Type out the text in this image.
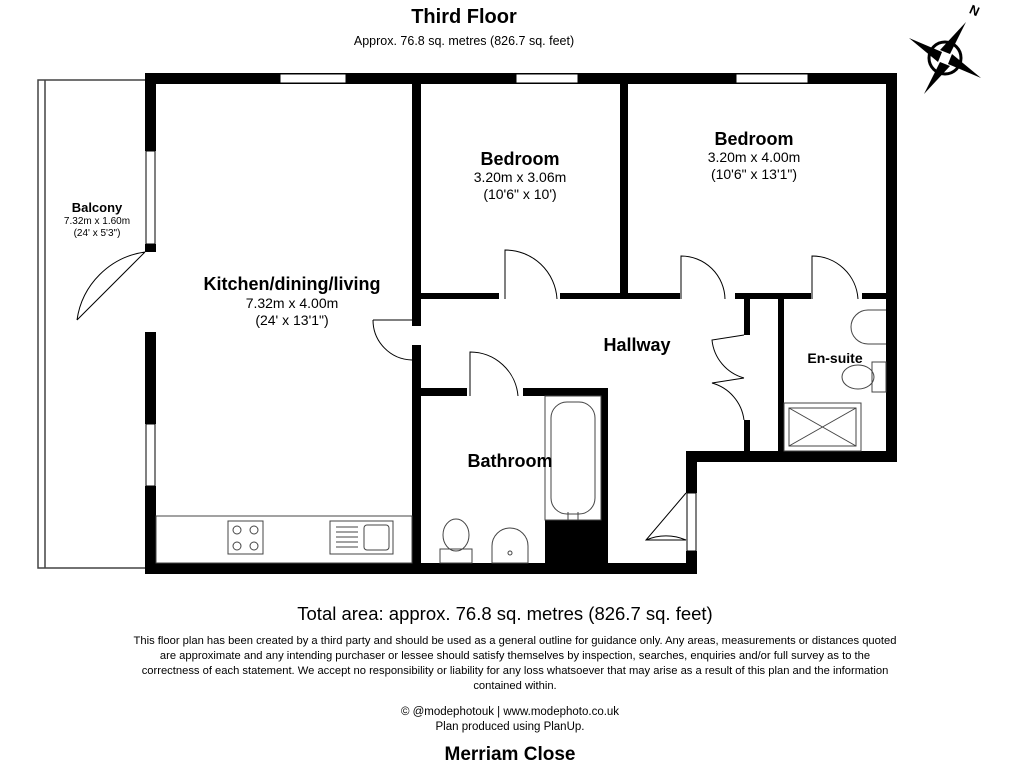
Third Floor
Approx. 76.8 sq. metres (826.7 sq. feet)
N
Balcony
7.32m x 1.60m
(24' x 5'3")
Kitchen/dining/living
7.32m x 4.00m
(24' x 13'1")
Bedroom
3.20m x 3.06m
(10'6" x 10')
Bedroom
3.20m x 4.00m
(10'6" x 13'1")
Hallway
En-suite
Bathroom
Total area: approx. 76.8 sq. metres (826.7 sq. feet)
This floor plan has been created by a third party and should be used as a general outline for guidance only. Any areas, measurements or distances quoted are approximate and any intending purchaser or lessee should satisfy themselves by inspection, searches, enquiries and/or full survey as to the correctness of each statement. We accept no responsibility or liability for any loss whatsoever that may arise as a result of this plan and the information contained within.
© @modephotouk | www.modephoto.co.uk
Plan produced using PlanUp.
Merriam Close
